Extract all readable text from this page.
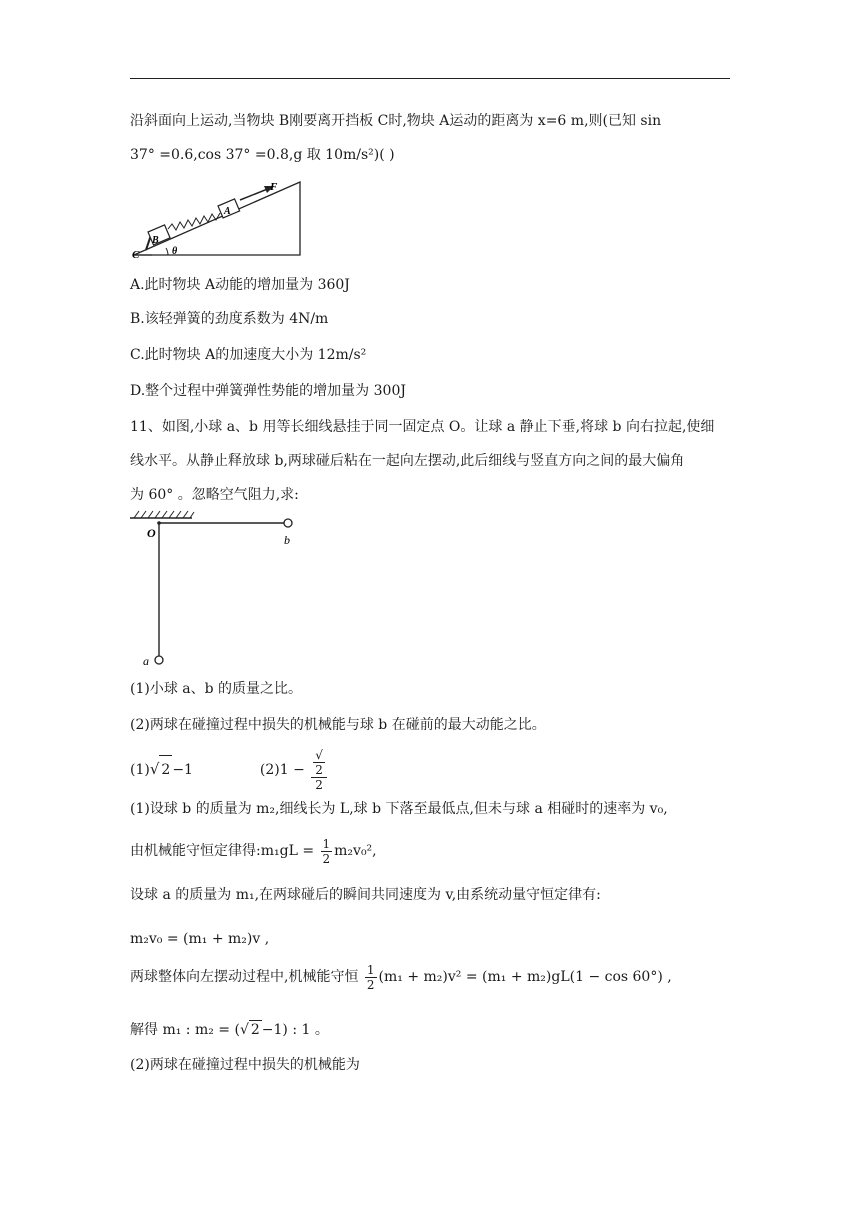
沿斜面向上运动,当物块 B刚要离开挡板 C时,物块 A运动的距离为 x=6 m,则(已知 sin
37° =0.6,cos 37° =0.8,g 取 10m/s²)( )
F
A
B
C	θ
A.此时物块 A动能的增加量为 360J
B.该轻弹簧的劲度系数为 4N/m
C.此时物块 A的加速度大小为 12m/s²
D.整个过程中弹簧弹性势能的增加量为 300J
11、如图,小球 a、b 用等长细线悬挂于同一固定点 O。让球 a 静止下垂,将球 b 向右拉起,使细
线水平。从静止释放球 b,两球碰后粘在一起向左摆动,此后细线与竖直方向之间的最大偏角
为 60° 。忽略空气阻力,求:
O	b
a
(1)小球 a、b 的质量之比。
(2)两球在碰撞过程中损失的机械能与球 b 在碰前的最大动能之比。
(1)√ 2 −1	(2)1 − √
2
2
(1)设球 b 的质量为 m₂,细线长为 L,球 b 下落至最低点,但未与球 a 相碰时的速率为 v₀,
由机械能守恒定律得:m₁gL = $\frac{1}{2} m_2v_0^2$,
设球 a 的质量为 m₁,在两球碰后的瞬间共同速度为 v,由系统动量守恒定律有:
m₂v₀ = (m₁ + m₂)v ,
两球整体向左摆动过程中,机械能守恒 $\frac{1}{2} (m_1 + m_2)v^2 = (m_1 + m_2)gL(1 - \cos 60^\circ)$ ,
解得 m₁ : m₂ = (√ 2 −1) : 1 。
(2)两球在碰撞过程中损失的机械能为
